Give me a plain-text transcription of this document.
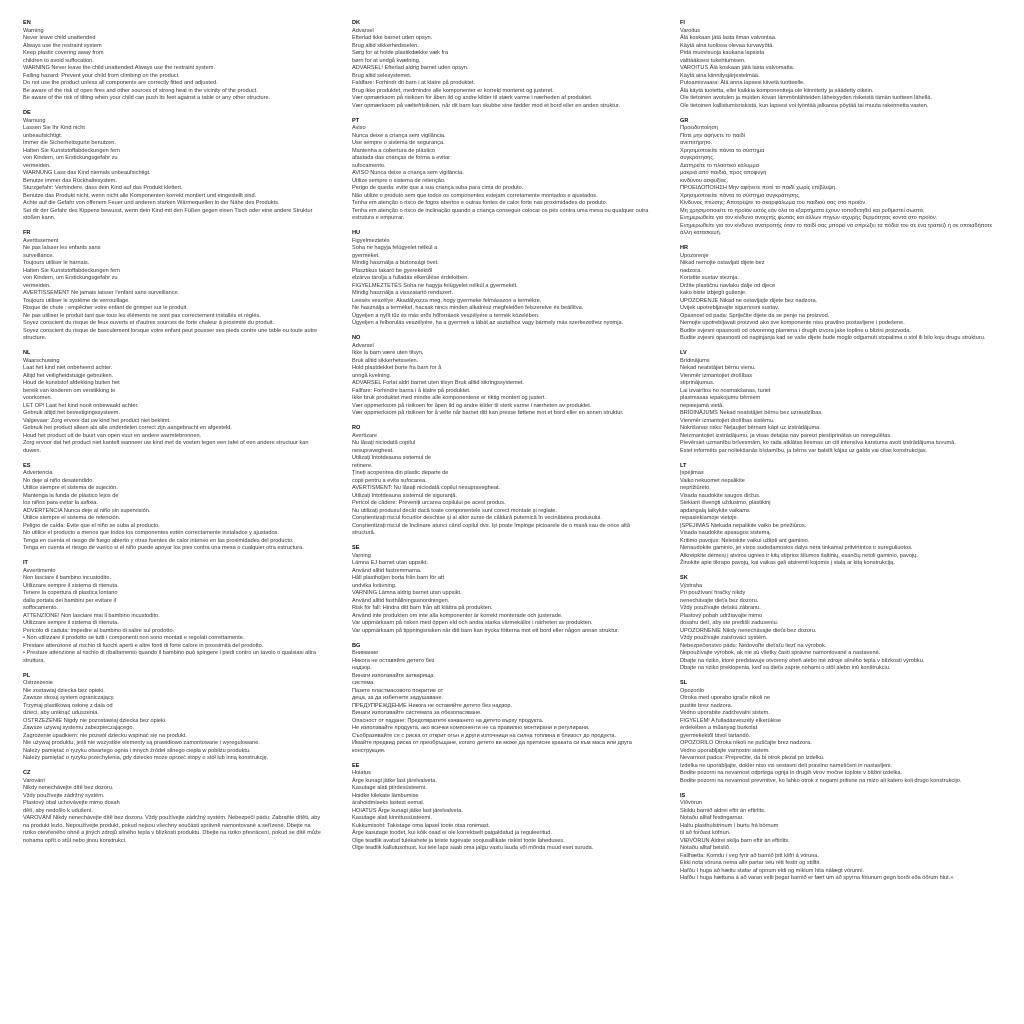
EN
Warning
Never leave child unattended
Always use the restraint system
Keep plastic covering away from
children to avoid suffocation.
WARNING Never leave the child unattended.Always use the restraint system.
Falling hazard: Prevent your child from climbing on the product.
Do not use the product unless all components are correctly fitted and adjusted.
Be aware of the risk of open fires and other sources of strong heat in the vicinity of the product.
Be aware of the risk of tilting when your child can push its feet against a table or any other structure.
DE
Warnung
Lassen Sie Ihr Kind nicht
unbeaufsichtigt.
Immer die Sicherheitsgurte benutzen.
Halten Sie Kunststoffabdeckungen fern
von Kindern, um Erstickungsgefahr zu
vermeiden.
WARNUNG Lass das Kind niemals unbeaufsichtigt.
Benutze immer das Rückhaltesystem.
Sturzgefahr: Verhindere, dass dein Kind auf das Produkt klettert.
Benutze das Produkt nicht, wenn nicht alle Komponenten korrekt montiert und eingestellt sind.
Achte auf die Gefahr von offenem Feuer und anderen starken Wärmequellen in der Nähe des Produkts.
Sei dir der Gefahr des Kippens bewusst, wenn dein Kind mit den Füßen gegen einen Tisch oder eine andere Struktur stoßen kann.
FR
Avertissement
Ne pas laisser les enfants sans
surveillance.
Toujours utiliser le harnais.
Halten Sie Kunststoffabdeckungen fern
von Kindern, um Erstickungsgefahr zu
vermeiden.
AVERTISSEMENT Ne jamais laisser l'enfant sans surveillance.
Toujours utiliser le système de verrouillage.
Risque de chute : empêcher votre enfant de grimper sur le produit.
Ne pas utiliser le produit tant que tous les éléments ne sont pas correctement installés et réglés.
Soyez conscient du risque de feux ouverts et d'autres sources de forte chaleur à proximité du produit.
Soyez conscient du risque de basculement lorsque votre enfant peut pousser ses pieds contre une table ou toute autre structure.
NL
Waarschuwing
Laat het kind niet onbeheerd achter.
Altijd het veiligheidstuigje gebruiken.
Houd de kunststof afdekking buiten het
bereik van kinderen om verstikking te
voorkomen.
LET OP! Laat het kind nooit onbewaakt achter.
Gebruik altijd het bevestigingssysteem.
Valgevaar: Zorg ervoor dat uw kind het product niet beklimt.
Gebruik het product alleen als alle onderdelen correct zijn aangebracht en afgesteld.
Houd het product uit de buurt van open vuur en andere warmtebronnen.
Zorg ervoor dat het product niet kantelt wanneer uw kind met de voeten tegen een tafel of een andere structuur kan duwen.
ES
Advertencia
No deje al niño desatendido.
Utilice siempre el sistema de sujeción.
Mantenga la funda de plástico lejos de
los niños para evitar la asfixia.
ADVERTENCIA Nunca deje al niño sin supervisión.
Utilice siempre el sistema de retención.
Peligro de caída: Evite que el niño se suba al producto.
No utilice el producto a menos que todos los componentes estén correctamente instalados y ajustados.
Tenga en cuenta el riesgo de fuego abierto y otras fuentes de calor intenso en las proximidades del producto.
Tenga en cuenta el riesgo de vuelco si el niño puede apoyar los pies contra una mesa o cualquier otra estructura.
IT
Avvertimento
Non lasciare il bambino incustodito.
Utilizzare sempre il sistema di ritenuta.
Tenere la copertura di plastica lontano
dalla portata dei bambini per evitare il
soffocamento.
ATTENZIONE! Non lasciare mai il bambino incustodito.
Utilizzare sempre il sistema di ritenuta.
Pericolo di caduta: impedire al bambino di salire sul prodotto.
• Non utilizzare il prodotto se tutti i componenti non sono montati e regolati correttamente.
Prestare attenzione al rischio di fuochi aperti e altre fonti di forte calore in prossimità del prodotto.
• Prestare attenzione al rischio di ribaltamento quando il bambino può spingere i piedi contro un tavolo o qualsiasi altra struttura.
PL
Ostrzeżenie
Nie zostawiaj dziecka bez opieki.
Zawsze stosuj system ograniczający.
Trzymaj plastikową osłonę z dala od
dzieci, aby uniknąć uduszenia.
OSTRZEŻENIE Nigdy nie pozostawiaj dziecka bez opieki.
Zawsze używaj systemu zabezpieczającego.
Zagrożenie upadkiem: nie pozwól dziecku wspinać się na produkt.
Nie używaj produktu, jeśli nie wszystkie elementy są prawidłowo zamontowane i wyregulowane.
Należy pamiętać o ryzyku otwartego ognia i innych źródeł silnego ciepła w pobliżu produktu.
Należy pamiętać o ryzyku przechylenia, gdy dziecko może oprzeć stopy o stół lub inną konstrukcję.
CZ
Varování
Nikdy nenechávejte dítě bez dozoru.
Vždy používejte zádržný systém.
Plastový obal uchovávejte mimo dosah
dětí, aby nedošlo k udušení.
VAROVÁNÍ Nikdy nenechávejte dítě bez dozoru. Vždy používejte zádržný systém. Nebezpečí pádu: Zabraňte dítěti, aby na produkt lezlo. Nepoužívejte produkt, pokud nejsou všechny součásti správně namontované a seřízené. Dbejte na riziko otevřeného ohně a jiných zdrojů silného tepla v blízkosti produktu. Dbejte na riziko převrácení, pokud se dítě může nohama opřít o stůl nebo jinou konstrukci.
DK
Advarsel
Efterlad ikke barnet uden opsyn.
Brug altid sikkerhedsselen.
Sørg for at holde plastikdække væk fra
børn for at undgå kvælning.
ADVARSEL! Efterlad aldrig barnet uden opsyn.
Brug altid selesystemet.
Faldfare: Forhindr dit barn i at klatre på produktet.
Brug ikke produktet, medmindre alle komponenter er korrekt monteret og justeret.
Vær opmærksom på risikoen for åben ild og andre kilder til stærk varme i nærheden af produktet.
Vær opmærksom på væltefrisikoen, når dit barn kan skubbe sine fødder mod et bord eller en anden struktur.
PT
Aviso
Nunca deixe a criança sem vigilância.
Use sempre o sistema de segurança.
Mantenha a cobertura de plástico
afastada das crianças de forma a evitar
sufocamento.
AVISO Nunca deixe a criança sem vigilância.
Utilize sempre o sistema de retenção.
Perigo de queda: evite que a sua criança suba para cima do produto.
Não utilize o produto sem que todos os componentes estejam corretamente montados e ajustados.
Tenha em atenção o risco de fogos abertos e outras fontes de calor forte nas proximidades do produto.
Tenha em atenção o risco de inclinação quando a criança conseguir colocar os pés contra uma mesa ou qualquer outra estrutura e empurrar.
HU
Figyelmeztetés
Soha ne hagyja felügyelet nélkül a
gyermeket.
Mindig használja a biztonsági övet.
Plasztikus takaró be gyerekektől
elzárva tárolja a fulladás elkerülése érdekében.
FIGYELMEZTETÉS Soha ne hagyja felügyelet nélkül a gyermekét.
Mindig használja a visszatartó rendszert.
Leesés veszélye: Akadályozza meg, hogy gyermeke felmásszon a termékre.
Ne használja a terméket, hacsak nincs minden alkatrész megfelelően felszerelve és beállítva.
Ügyeljen a nyílt tűz és más erős hőforrások veszélyére a termék közelében.
Ügyeljen a felborulás veszélyére, ha a gyermek a lábát az asztalhoz vagy bármely más szerkezethez nyomja.
NO
Advarsel
Ikke la barn være uten tilsyn.
Bruk alltid sikkerhetsselen.
Hold plastdekket borte fra barn for å
unngå kvelning.
ADVARSEL Forlat aldri barnet uten tilsyn Bruk alltid sikringssystemet.
Fallfare: Forhindre barna i å klatre på produktet.
Ikke bruk produktet med mindre alle komponentene er riktig montert og justert.
Vær oppmerksom på risikoen for åpen ild og andre kilder til sterk varme i nærheten av produktet.
Vær oppmerksom på risikoen for å velte når barnet ditt kan presse føttene mot et bord eller en annen struktur.
RO
Avertizare
Nu lăsați niciodată copilul
nesupravegheat.
Utilizați întotdeauna sistemul de
retinere.
Țineți acoperirea din plastic departe de
copii pentru a evita sufocarea.
AVERTISMENT: Nu lăsați niciodată copilul nesupravegheat.
Utilizați întotdeauna sistemul de siguranță.
Pericol de cădere: Preveniți urcarea copilului pe acest produs.
Nu utilizați produsul decât dacă toate componentele sunt corect montate și reglate.
Conștientizați riscul focurilor deschise și al altor surse de căldură puternică în vecinătatea produsului.
Conștientizați riscul de înclinare atunci când copilul dvs. își poate împinge picioarele de o masă sau de orice altă structură.
SE
Varning
Lämna EJ barnet utan uppsikt.
Använd alltid fastremmarna.
Håll plastholjen borta från barn för att
undvika kvävning.
VARNING Lämna aldrig barnet utan uppsikt.
Använd alltid fasthållningsanordningen.
Risk för fall: Hindra ditt barn från att klättra på produkten.
Använd inte produkten om inte alla komponenter är korrekt monterade och justerade.
Var uppmärksam på risken med öppen eld och andra starka värmekällor i närheten av produkten.
Var uppmärksam på tippningsrisken när ditt barn kan trycka fötterna mot ett bord eller någon annan struktur.
BG
Внимание
Никога не оставяйте детето без
надзор.
Винаги използвайте затваряща
система.
Пазете пластмасовото покритие от
деца, за да избегнете задушаване.
ПРЕДУПРЕЖДЕНИЕ Никога не оставяйте детето без надзор.
Винаги използвайте системата за обезопасяване.
Опасност от падане: Предотвратете качването на детето върху продукта.
Не използвайте продукта, ако всички компоненти не са правилно монтирани и регулирани.
Съобразявайте се с риска от открит огън и други източници на силна топлина в близост до продукта.
Имайте предвид риска от преобръщане, когато детето ви може да притисне краката си към маса или друга конструкция.
EE
Hoiatus
Ärge kunagi jätke last järelvalveta.
Kasutage alati piirdesüsteemi.
Hoidke kilekate lämbumise
ärahoidmiseks lastest eemal.
HOIATUS Ärge kunagi jätke last järelvalveta.
Kasutage alati kinnitussüsteemi.
Kukkumisoht: Takistage oma lapsel toote otsa ronimast.
Ärge kasutage toodet, kui kõik osad ei ole korrektselt paigaldatud ja reguleeritud.
Olge teadlik avatud tulekahete ja teiste tugevate soojusallikate riskist toote läheduses.
Olge teadlik kallutusohust, kui teie laps saab oma jalgu vastu lauda või mõnda muud eset suruda.
FI
Varoitus
Älä koskaan jätä lasta ilman valvontaa.
Käytä aina tuolissa olevaa turvavyötä.
Pidä muovisuoja kaukana lapsista
välttääksesi tukehtumisen.
VAROITUS Älä koskaan jätä lasta valvomatta.
Käytä aina kiinnitysjärjestelmää.
Putoamisvaara: Älä anna lapsesi kiivetä tuotteelle.
Älä käytä tuotetta, ellei kaikkia komponentteja ole kiinnitetty ja säädetty oikein.
Ole tietoinen avotulen ja muiden kovan lämmönlähteiden läheisyyden riskeistä tämän tuotteen lähellä.
Ole tietoinen kallistumisriskistä, kun lapsesi voi työntää jalkansa pöytää tai muuta rakennetta vasten.
GR
Προειδοποίηση
Ποτέ μην αφήνετε το παιδί
ανεπιτήρητο.
Χρησιμοποιείτε πάντα το σύστημα
συγκράτησης.
Διατηρείτε το πλαστικό κάλυμμα
μακριά από παιδιά, προς αποφυγή
κινδύνου ασφυξίας.
ΠΡΟΕΙΔΟΠΟΙΗΣΗ Μην αφήνετε ποτέ το παιδί χωρίς επίβλεψη.
Χρησιμοποιείτε πάντα το σύστημα συγκράτησης.
Κίνδυνος πτώσης: Αποτρέψτε το σκαρφάλωμα του παιδιού σας στο προϊόν.
Μη χρησιμοποιείτε το προϊόν εκτός εάν όλα τα εξαρτήματα έχουν τοποθετηθεί και ρυθμιστεί σωστά.
Ενημερωθείτε για τον κίνδυνο ανοιχτής φωτιάς και άλλων πηγών ισχυρής θερμότητας κοντά στο προϊόν.
Ενημερωθείτε για τον κίνδυνο ανατροπής όταν το παιδί σας μπορεί να σπρώξει τα πόδια του σε ένα τραπέζι ή σε οποιαδήποτε άλλη κατασκευή.
HR
Upozorenje
Nikad nemojte ostavljati dijete bez
nadzora.
Koristite sustav steznja.
Držite plastičnu navlaku dalje od djece
kako biste izbjegli gušenje.
UPOZORENJE Nikad ne ostavljajte dijete bez nadzora.
Uvijek upotrebljavajte sigurnosni sustav.
Opasnost od pada: Spriječite dijete da se penje na proizvod.
Nemojte upotrebljavati proizvod ako sve komponente nisu pravilno postavljene i podešene.
Budite svjesni opasnosti od otvorenog plamena i drugih izvora jake topline u blizini proizvoda.
Budite svjesni opasnosti od naginjanja kad se vaše dijete bude moglo odgurnuti stopalima o stol ili bilo koju drugu strukturu.
LV
Brīdinājums
Nekad neatstājiet bērnu vienu.
Vienmēr izmantojiet drošības
stiprinājumus.
Lai izvairītos no nosmakšanas, turiet
plastmasas iepakojumu bērniem
nepieejamā vietā.
BRĪDINĀJUMS Nekad neatstājiet bērnu bez uzraudzības.
Vienmēr izmantojiet drošības sistēmu.
Nokrišanas risks: Neļaujiet bērnam kāpt uz izstrādājuma.
Neizmantojiet izstrādājumu, ja visas detaļas nav pareizi piestiprinātas un noregulētas.
Pievērsiet uzmanību brīvesmām, ko rada atklātas liesmas un citi intensīva karstuma avoti izstrādājuma tuvumā.
Esiet informēts par noliekšanās bīstamību, ja bērns var balstīt kājas uz galda vai citas konstrukcijas.
LT
Įspėjimas
Vaiko nekuomet nepalikite
neprižiūrėto.
Visada naudokite saugos diržus.
Siekiant išvengti uždusimo, plastikinį
apdangalą laikykite vaikams
nepasiekiamoje vietoje.
ĮSPĖJIMAS Niekada nepalikite vaiko be priežiūros.
Visada naudokite apsaugos sistemą.
Kritimo pavojus: Neleiskite vaikui užlipti ant gaminio.
Nenaudokite gaminio, jei visos sudedamosios dalys nėra tinkamai pritvirtintos ir sureguliuotos.
Atkreipkite dėmesį į atviros ugnies ir kitų stiprios šilumos šaltinių, esančių netoli gaminio, pavojų.
Žinokite apie tikrapo pavojų, kai vaikas gali atsiremti kojomis į stalą ar kitą konstrukciją.
SK
Výstraha
Pri používaní hračky nikdy
nenechávajte dieťa bez dozoru.
Vždy používajte detskú zábranu.
Plastový pobah udržiavajte mimo
dosahu detí, aby ste predišli zaduseniu.
UPOZORNENIE Nikdy nenechávajte dieťa bez dozoru.
Vždy používajte zaisťovací systém.
Nebezpečenstvo pádu: Nedovoľte dieťaťu liezť na výrobok.
Nepoužívajte výrobok, ak nie sú všetky časti správne namontované a nastavené.
Dbajte na riziko, ktoré predstavuje otvorený oheň alebo iné zdroje silného tepla v blízkosti výrobku.
Dbajte na riziko preklopenia, keď sa dieťa zaprie nohami o stôl alebo inú konštrukciu.
SL
Opozorilo
Otroka med uporabo igrače nikoli ne
pustite brez nadzora.
Vedno uporabite zadrževalni sistem.
FIGYELEM! A fulladásveszély elkerülése
érdekében a műanyag burkolat
gyermekektől távol tartandó.
OPOZORILO Otroka nikoli ne puščajte brez nadzora.
Vedno uporabljajte varnostni sistem.
Nevarnost padca: Preprečite, da bi otrok plezal po izdelku.
Izdelka ne uporabljajte, dokler niso vsi sestavni deli pravilno nameščeni in nastavljeni.
Bodite pozorni na nevarnost odprtega ognja in drugih virov močne toplote v bližini izdelka.
Bodite pozorni na nevarnost prevrnitve, ko lahko otrok z nogami pritisne na mizo ali katero koli drugo konstrukcijo.
IS
Viðvörun
Skildu barnið aldrei eftir án eftirlits.
Notaðu alltaf festingarnar.
Haltu plasthulstrinum í burtu frá börnum
til að forðast köfnun.
VIÐVÖRUN Aldrei skilja barn eftir án eftirlits.
Notaðu alltaf beislið.
Fallhætta: Komdu í veg fyrir að barnið þitt klifri á vöruna.
Ekki nota vöruna nema allir partar séu rétt festir og stilltir.
Hafðu í huga að hættu stafar af opnum eldi og miklum hita nálægt vörunni.
Hafðu í huga hættuna á að varan velti þegar barnið er fært um að spyrna fótunum gegn borði eða öðrum hlut.»
